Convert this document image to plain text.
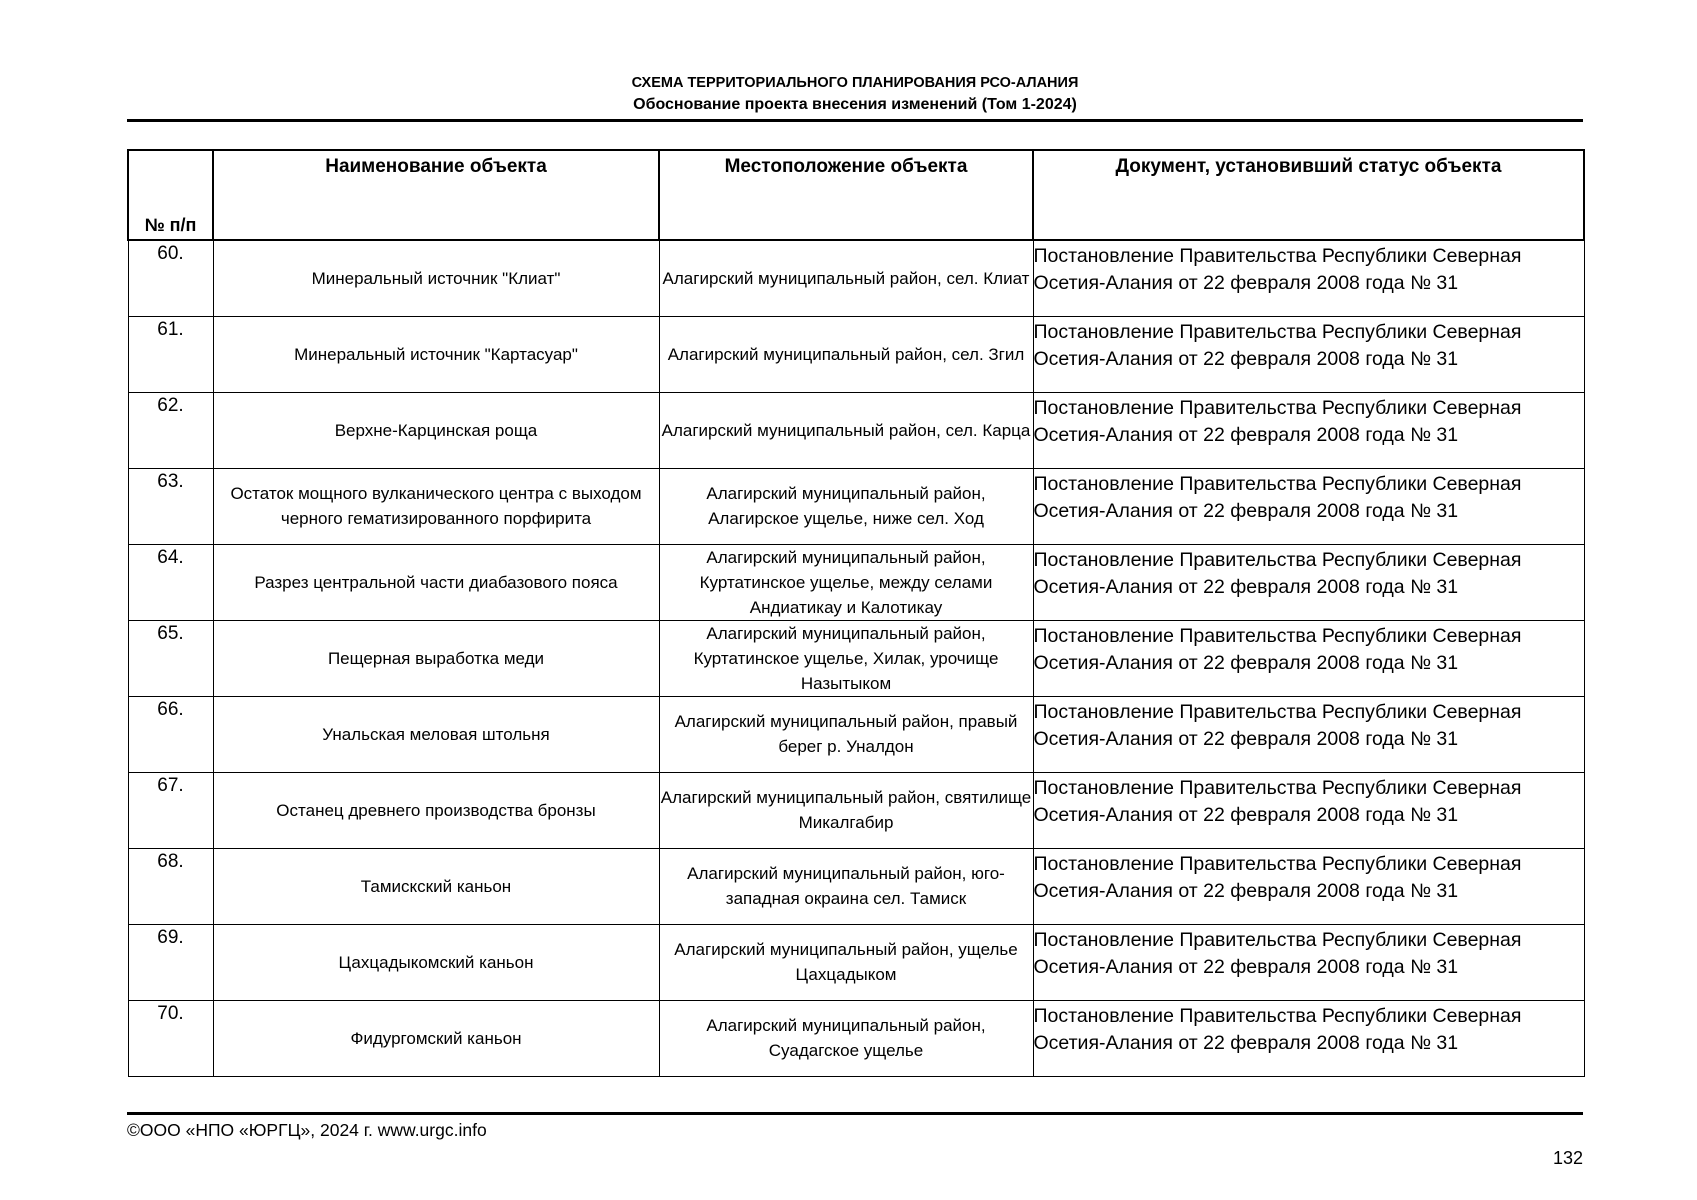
СХЕМА ТЕРРИТОРИАЛЬНОГО ПЛАНИРОВАНИЯ РСО-АЛАНИЯ
Обоснование проекта внесения изменений (Том 1-2024)
№ п/п	Наименование объекта	Местоположение объекта	Документ, установивший статус объекта

60.	Минеральный источник "Клиат"	Алагирский муниципальный район, сел. Клиат	Постановление Правительства Республики Северная Осетия-Алания от 22 февраля 2008 года № 31

61.	Минеральный источник "Картасуар"	Алагирский муниципальный район, сел. Згил	Постановление Правительства Республики Северная Осетия-Алания от 22 февраля 2008 года № 31

62.	Верхне-Карцинская роща	Алагирский муниципальный район, сел. Карца	Постановление Правительства Республики Северная Осетия-Алания от 22 февраля 2008 года № 31

63.	Остаток мощного вулканического центра с выходом черного гематизированного порфирита	Алагирский муниципальный район, Алагирское ущелье, ниже сел. Ход	Постановление Правительства Республики Северная Осетия-Алания от 22 февраля 2008 года № 31

64.	Разрез центральной части диабазового пояса	Алагирский муниципальный район, Куртатинское ущелье, между селами Андиатикау и Калотикау	Постановление Правительства Республики Северная Осетия-Алания от 22 февраля 2008 года № 31

65.	Пещерная выработка меди	Алагирский муниципальный район, Куртатинское ущелье, Хилак, урочище Назытыком	Постановление Правительства Республики Северная Осетия-Алания от 22 февраля 2008 года № 31

66.	Унальская меловая штольня	Алагирский муниципальный район, правый берег р. Уналдон	Постановление Правительства Республики Северная Осетия-Алания от 22 февраля 2008 года № 31

67.	Останец древнего производства бронзы	Алагирский муниципальный район, святилище Микалгабир	Постановление Правительства Республики Северная Осетия-Алания от 22 февраля 2008 года № 31

68.	Тамискский каньон	Алагирский муниципальный район, юго-западная окраина сел. Тамиск	Постановление Правительства Республики Северная Осетия-Алания от 22 февраля 2008 года № 31

69.	Цахцадыкомский каньон	Алагирский муниципальный район, ущелье Цахцадыком	Постановление Правительства Республики Северная Осетия-Алания от 22 февраля 2008 года № 31

70.	Фидургомский каньон	Алагирский муниципальный район, Суадагское ущелье	Постановление Правительства Республики Северная Осетия-Алания от 22 февраля 2008 года № 31
©ООО «НПО «ЮРГЦ», 2024 г. www.urgc.info
132
